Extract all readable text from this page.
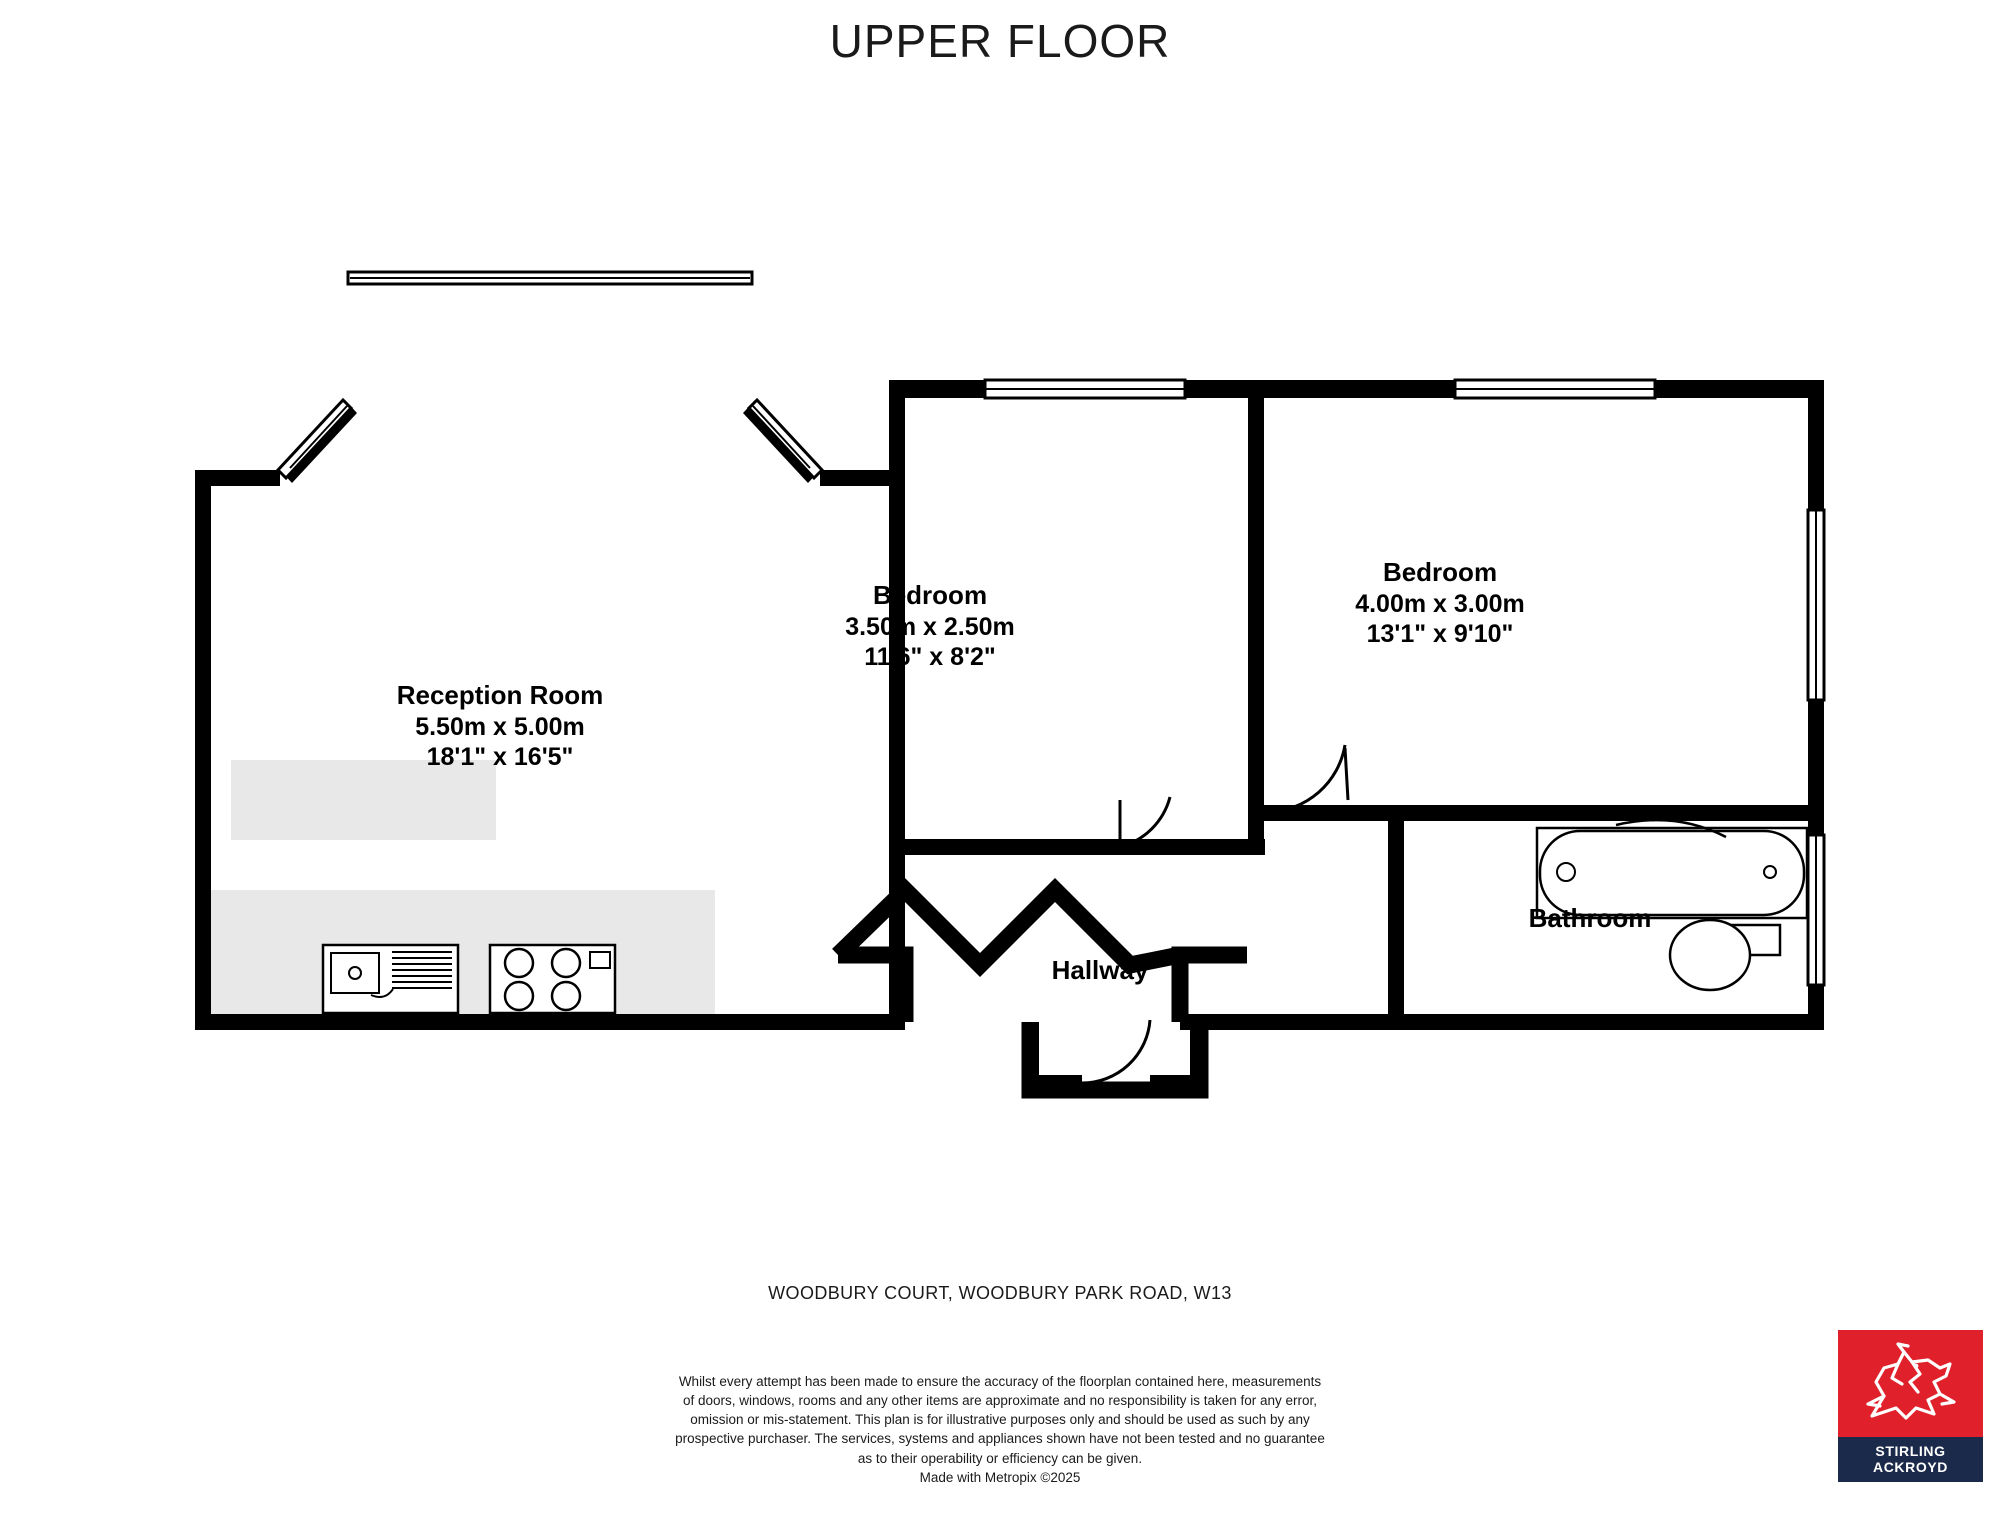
UPPER FLOOR
Reception Room
5.50m x 5.00m
18'1" x 16'5"
Bedroom
3.50m x 2.50m
11'6" x 8'2"
Bedroom
4.00m x 3.00m
13'1" x 9'10"
Bathroom
Hallway
WOODBURY COURT, WOODBURY PARK ROAD, W13

Whilst every attempt has been made to ensure the accuracy of the floorplan contained here, measurements

of doors, windows, rooms and any other items are approximate and no responsibility is taken for any error,

omission or mis-statement. This plan is for illustrative purposes only and should be used as such by any

prospective purchaser. The services, systems and appliances shown have not been tested and no guarantee

as to their operability or efficiency can be given.

Made with Metropix ©2025

STIRLING
ACKROYD
